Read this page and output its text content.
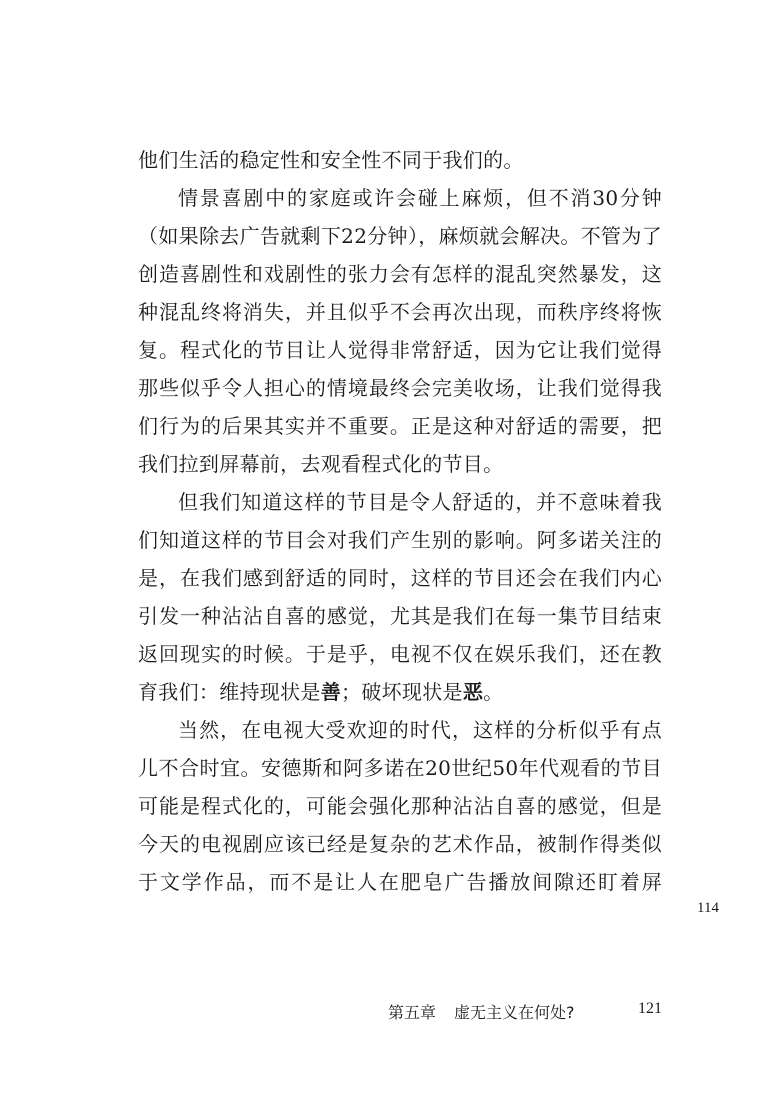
他们生活的稳定性和安全性不同于我们的。
情景喜剧中的家庭或许会碰上麻烦，但不消30分钟
（如果除去广告就剩下22分钟），麻烦就会解决。不管为了
创造喜剧性和戏剧性的张力会有怎样的混乱突然暴发，这
种混乱终将消失，并且似乎不会再次出现，而秩序终将恢
复。程式化的节目让人觉得非常舒适，因为它让我们觉得
那些似乎令人担心的情境最终会完美收场，让我们觉得我
们行为的后果其实并不重要。正是这种对舒适的需要，把
我们拉到屏幕前，去观看程式化的节目。
但我们知道这样的节目是令人舒适的，并不意味着我
们知道这样的节目会对我们产生别的影响。阿多诺关注的
是，在我们感到舒适的同时，这样的节目还会在我们内心
引发一种沾沾自喜的感觉，尤其是我们在每一集节目结束
返回现实的时候。于是乎，电视不仅在娱乐我们，还在教
育我们：维持现状是善；破坏现状是恶。
当然，在电视大受欢迎的时代，这样的分析似乎有点
儿不合时宜。安德斯和阿多诺在20世纪50年代观看的节目
可能是程式化的，可能会强化那种沾沾自喜的感觉，但是
今天的电视剧应该已经是复杂的艺术作品，被制作得类似
于文学作品，而不是让人在肥皂广告播放间隙还盯着屏
114
第五章 虚无主义在何处?	121
